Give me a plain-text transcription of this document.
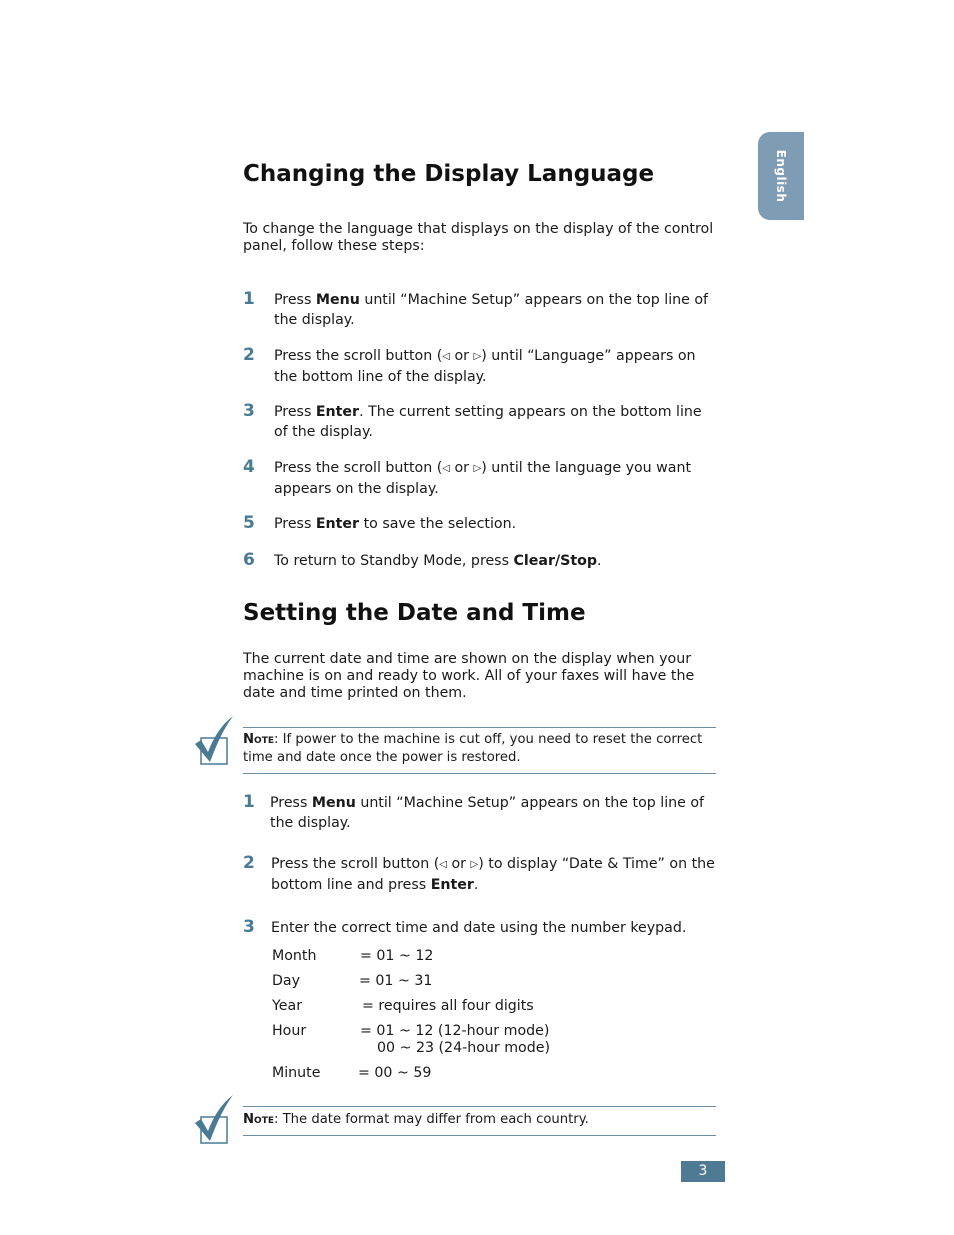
English
Changing the Display Language
To change the language that displays on the display of the control panel, follow these steps:
1 Press Menu until “Machine Setup” appears on the top line of the display.
2 Press the scroll button (◁ or ▷) until “Language” appears on the bottom line of the display.
3 Press Enter. The current setting appears on the bottom line of the display.
4 Press the scroll button (◁ or ▷) until the language you want appears on the display.
5 Press Enter to save the selection.
6 To return to Standby Mode, press Clear/Stop.
Setting the Date and Time
The current date and time are shown on the display when your machine is on and ready to work. All of your faxes will have the date and time printed on them.
Note: If power to the machine is cut off, you need to reset the correct time and date once the power is restored.
1 Press Menu until “Machine Setup” appears on the top line of the display.
2 Press the scroll button (◁ or ▷) to display “Date & Time” on the bottom line and press Enter.
3 Enter the correct time and date using the number keypad.
Month	= 01 ~ 12
Day	= 01 ~ 31
Year	= requires all four digits
Hour	= 01 ~ 12 (12-hour mode)
00 ~ 23 (24-hour mode)
Minute	= 00 ~ 59
Note: The date format may differ from each country.
3
